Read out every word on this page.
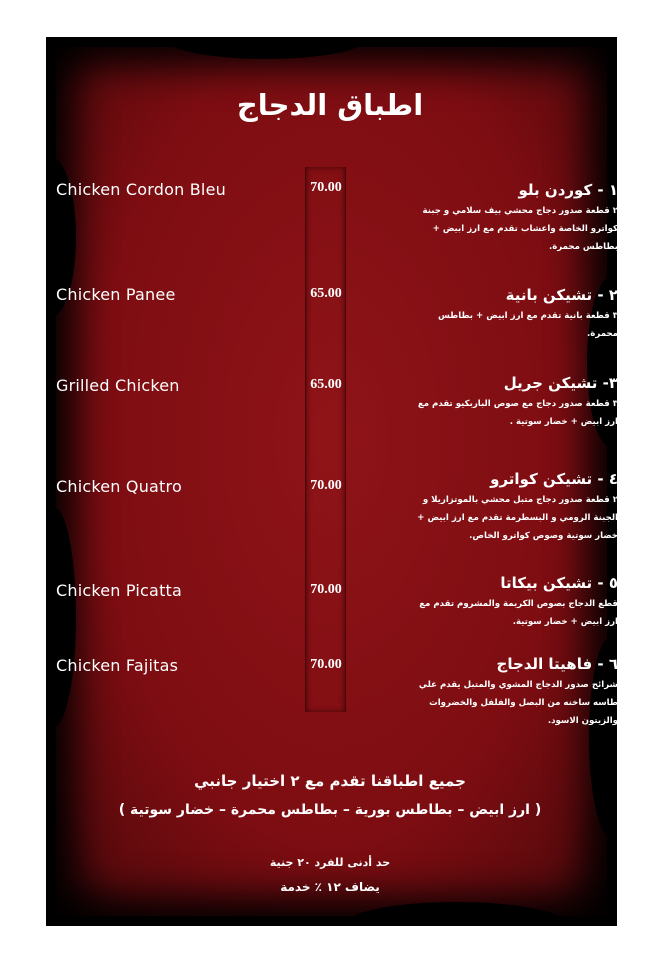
اطباق الدجاج
Chicken Cordon Bleu	70.00	١ - كوردن بلو
٢ قطعة صدور دجاج محشي بيف سلامي و جبنة كواترو الخاصة واعشاب تقدم مع ارز ابيض + بطاطس محمرة.
Chicken Panee	65.00	٢ - تشيكن بانية
٣ قطعة بانية تقدم مع ارز ابيض + بطاطس محمرة.
Grilled Chicken	65.00	٣- تشيكن جريل
٣ قطعة صدور دجاج مع صوص الباربكيو تقدم مع ارز ابيض + خضار سوتية .
Chicken Quatro	70.00	٤ - تشيكن كواترو
٢ قطعة صدور دجاج متبل محشي بالموتزاريلا و الجبنة الرومي و البسطرمة تقدم مع ارز ابيض + خضار سوتية وصوص كواترو الخاص.
Chicken Picatta	70.00	٥ - تشيكن بيكاتا
قطع الدجاج بصوص الكريمة والمشروم تقدم مع ارز ابيض + خضار سوتية.
Chicken Fajitas	70.00	٦ - فاهيتا الدجاج
شرائح صدور الدجاج المشوي والمتبل يقدم علي طاسه ساخنه من البصل والفلفل والخضروات والزيتون الاسود.
جميع اطباقنا تقدم مع ٢ اختيار جانبي
( ارز ابيض – بطاطس بورية – بطاطس محمرة – خضار سوتية )
حد أدنى للفرد ٢٠ جنية
يضاف ١٢ ٪ خدمة
